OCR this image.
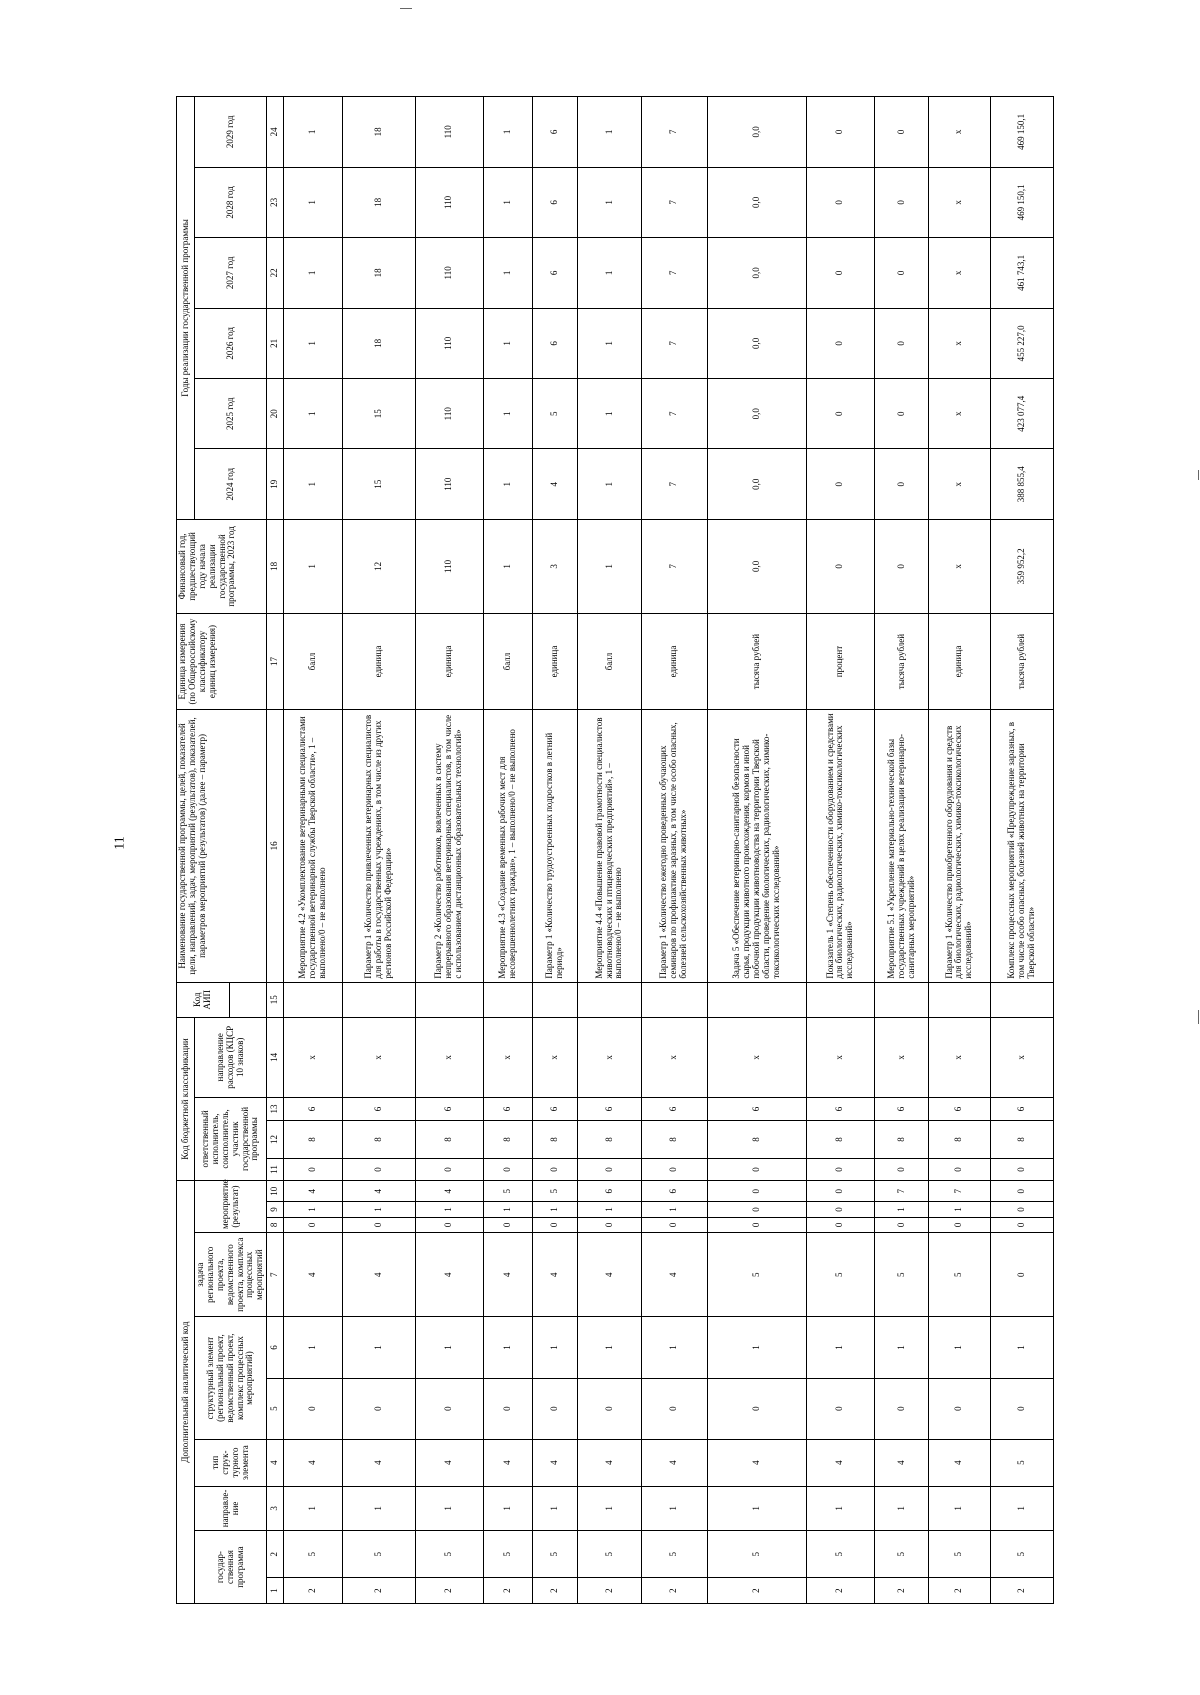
11
Дополнительный аналитический код										Код бюджетной классификации				Код АИП	Наименование государственной программы, целей, показателей цели, направлений, задач, мероприятий (результатов), показателей, параметров мероприятий (результатов) (далее – параметр)	Единица измерения (по Общероссийскому классификатору единиц измерения)	Финансовый год, предшествующий году начала реализации государственной программы, 2023 год	Годы реализации государственной программы					
государ-ственная программа		направле-ние	тип струк-турного элемента	структурный элемент (региональный проект, ведомственный проект, комплекс процессных мероприятий)		задача регионального проекта, ведомственного проекта, комплекса процессных мероприятий	мероприятие (результат)			ответственный исполнитель, соисполнитель, участник государственной программы			направление расходов (КЦСР 10 знаков)					2024 год	2025 год	2026 год	2027 год	2028 год	2029 год

1	2	3	4	5	6	7	8	9	10	11	12	13	14	15	16	17	18	19	20	21	22	23	24
2	5	1	4	0	1	4	0	1	4	0	8	6	х		Мероприятие 4.2 «Укомплектование ветеринарными специалистами государственной ветеринарной службы Тверской области», 1 – выполнено/0 – не выполнено	балл	1	1	1	1	1	1	1
2	5	1	4	0	1	4	0	1	4	0	8	6	х		Параметр 1 «Количество привлеченных ветеринарных специалистов для работы в государственных учреждениях, в том числе из других регионов Российской Федерации»	единица	12	15	15	18	18	18	18
2	5	1	4	0	1	4	0	1	4	0	8	6	х		Параметр 2 «Количество работников, вовлеченных в систему непрерывного образования ветеринарных специалистов, в том числе с использованием дистанционных образовательных технологий»	единица	110	110	110	110	110	110	110
2	5	1	4	0	1	4	0	1	5	0	8	6	х		Мероприятие 4.3 «Создание временных рабочих мест для несовершеннолетних граждан», 1 – выполнено/0 – не выполнено	балл	1	1	1	1	1	1	1
2	5	1	4	0	1	4	0	1	5	0	8	6	х		Параметр 1 «Количество трудоустроенных подростков в летний период»	единица	3	4	5	6	6	6	6
2	5	1	4	0	1	4	0	1	6	0	8	6	х		Мероприятие 4.4 «Повышение правовой грамотности специалистов животноводческих и птицеводческих предприятий», 1 – выполнено/0 – не выполнено	балл	1	1	1	1	1	1	1
2	5	1	4	0	1	4	0	1	6	0	8	6	х		Параметр 1 «Количество ежегодно проведенных обучающих семинаров по профилактике заразных, в том числе особо опасных, болезней сельскохозяйственных животных»	единица	7	7	7	7	7	7	7
2	5	1	4	0	1	5	0	0	0	0	8	6	х		Задача 5 «Обеспечение ветеринарно-санитарной безопасности сырья, продукции животного происхождения, кормов и иной побочной продукции животноводства на территории Тверской области, проведение биологических, радиологических, химико-токсикологических исследований»	тысяча рублей	0,0	0,0	0,0	0,0	0,0	0,0	0,0
2	5	1	4	0	1	5	0	0	0	0	8	6	х		Показатель 1 «Степень обеспеченности оборудованием и средствами для биологических, радиологических, химико-токсикологических исследований»	процент	0	0	0	0	0	0	0
2	5	1	4	0	1	5	0	1	7	0	8	6	х		Мероприятие 5.1 «Укрепление материально-технической базы государственных учреждений в целях реализации ветеринарно-санитарных мероприятий»	тысяча рублей	0	0	0	0	0	0	0
2	5	1	4	0	1	5	0	1	7	0	8	6	х		Параметр 1 «Количество приобретенного оборудования и средств для биологических, радиологических, химико-токсикологических исследований»	единица	х	х	х	х	х	х	х
2	5	1	5	0	1	0	0	0	0	0	8	6	х		Комплекс процессных мероприятий «Предупреждение заразных, в том числе особо опасных, болезней животных на территории Тверской области»	тысяча рублей	359 952,2	388 855,4	423 077,4	455 227,0	461 743,1	469 150,1	469 150,1
